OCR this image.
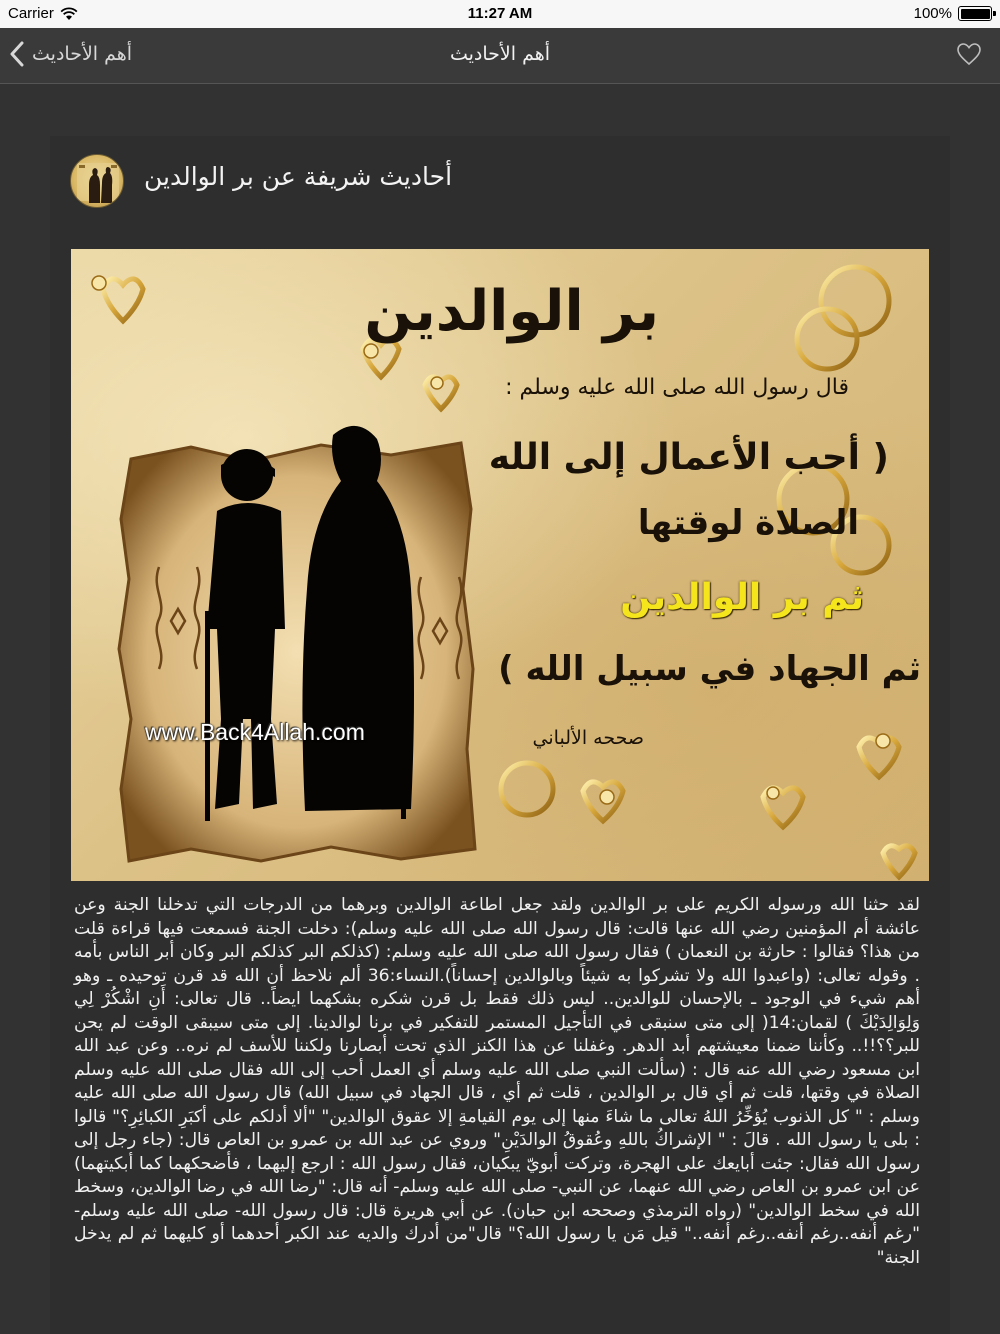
Carrier	11:27 AM	100%
أهم الأحاديث	أهم الأحاديث
أحاديث شريفة عن بر الوالدين
بر الوالدين
قال رسول الله صلى الله عليه وسلم :
( أحب الأعمال إلى الله
الصلاة لوقتها
ثم بر الوالدين
ثم الجهاد في سبيل الله )
صححه الألباني
www.Back4Allah.com
لقد حثنا الله ورسوله الكريم على بر الوالدين ولقد جعل اطاعة الوالدين وبرهما من الدرجات التي تدخلنا الجنة وعن عائشة أم المؤمنين رضي الله عنها قالت: قال رسول الله صلى الله عليه وسلم): دخلت الجنة فسمعت فيها قراءة قلت من هذا؟ فقالوا : حارثة بن النعمان ) فقال رسول الله صلى الله عليه وسلم: (كذلكم البر كذلكم البر وكان أبر الناس بأمه . وقوله تعالى: (واعبدوا الله ولا تشركوا به شيئاً وبالوالدين إحساناً).النساء:36 ألم نلاحظ أن الله قد قرن توحيده ـ وهو أهم شيء في الوجود ـ بالإحسان للوالدين.. ليس ذلك فقط بل قرن شكره بشكهما ايضاً.. قال تعالى: أَنِ اشْكُرْ لِي وَلِوَالِدَيْكَ ) لقمان:14( إلى متى سنبقى في التأجيل المستمر للتفكير في برنا لوالدينا. إلى متى سيبقى الوقت لم يحن للبر؟؟!!.. وكأننا ضمنا معيشتهم أبد الدهر. وغفلنا عن هذا الكنز الذي تحت أبصارنا ولكننا للأسف لم نره.. وعن عبد الله ابن مسعود رضي الله عنه قال : (سألت النبي صلى الله عليه وسلم أي العمل أحب إلى الله فقال صلى الله عليه وسلم الصلاة في وقتها، قلت ثم أي قال بر الوالدين ، قلت ثم أي ، قال الجهاد في سبيل الله) قال رسول الله صلى الله عليه وسلم : " كل الذنوب يُؤخِّرُ اللهُ تعالى ما شاءَ منها إلى يوم القيامةِ إلا عقوق الوالدين" "ألا أدلكم على أكبَرِ الكبائِرِ؟" قالوا : بلى يا رسول الله . قالَ : " الإشراكُ باللهِ وعُقوقُ الوالدَيْنِ" وروي عن عبد الله بن عمرو بن العاص قال: (جاء رجل إلى رسول الله فقال: جئت أبايعك على الهجرة، وتركت أبويّ يبكيان، فقال رسول الله : ارجع إليهما ، فأضحكهما كما أبكيتهما) عن ابن عمرو بن العاص رضي الله عنهما، عن النبي- صلى الله عليه وسلم- أنه قال: "رضا الله في رضا الوالدين، وسخط الله في سخط الوالدين" (رواه الترمذي وصححه ابن حبان). عن أبي هريرة قال: قال رسول الله- صلى الله عليه وسلم-"رغم أنفه..رغم أنفه..رغم أنفه.." قيل مَن يا رسول الله؟" قال"من أدرك والديه عند الكبر أحدهما أو كليهما ثم لم يدخل الجنة"
